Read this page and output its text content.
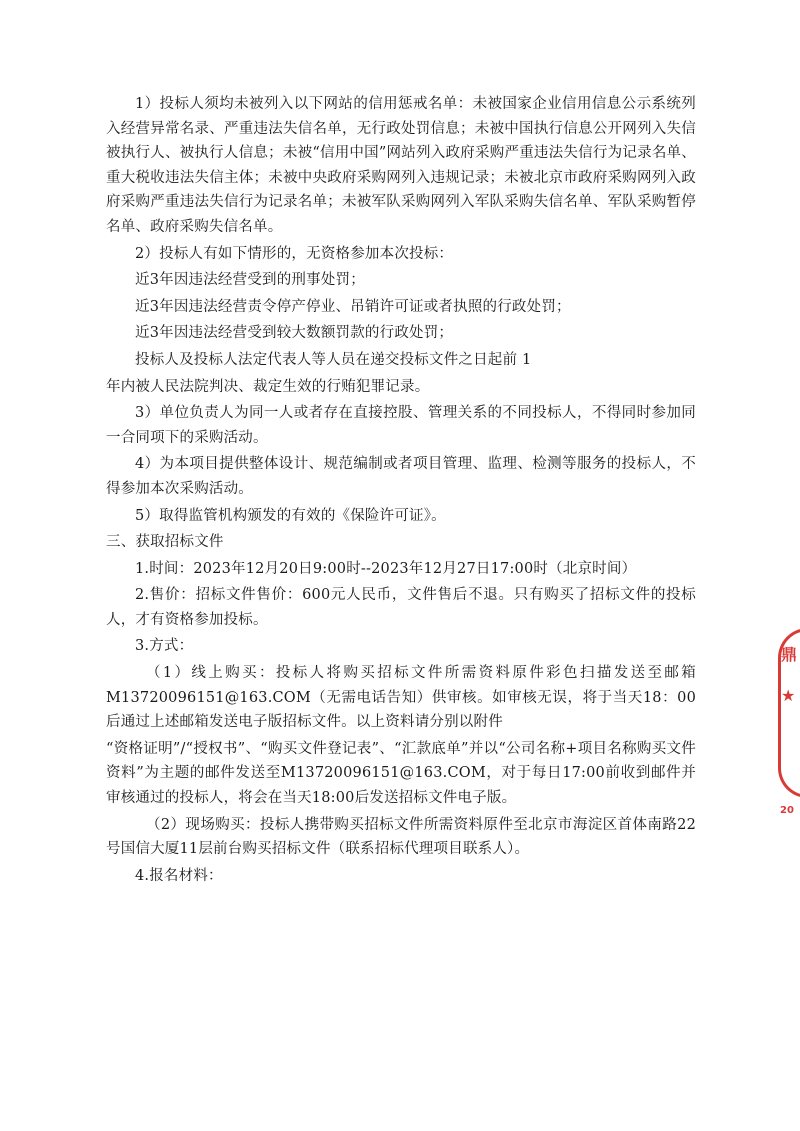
1）投标人须均未被列入以下网站的信用惩戒名单：未被国家企业信用信息公示系统列入经营异常名录、严重违法失信名单，无行政处罚信息；未被中国执行信息公开网列入失信被执行人、被执行人信息；未被“信用中国”网站列入政府采购严重违法失信行为记录名单、重大税收违法失信主体；未被中央政府采购网列入违规记录；未被北京市政府采购网列入政府采购严重违法失信行为记录名单；未被军队采购网列入军队采购失信名单、军队采购暂停名单、政府采购失信名单。

2）投标人有如下情形的，无资格参加本次投标：

近3年因违法经营受到的刑事处罚；

近3年因违法经营责令停产停业、吊销许可证或者执照的行政处罚；

近3年因违法经营受到较大数额罚款的行政处罚；

投标人及投标人法定代表人等人员在递交投标文件之日起前 1

年内被人民法院判决、裁定生效的行贿犯罪记录。

3）单位负责人为同一人或者存在直接控股、管理关系的不同投标人，不得同时参加同一合同项下的采购活动。

4）为本项目提供整体设计、规范编制或者项目管理、监理、检测等服务的投标人，不得参加本次采购活动。

5）取得监管机构颁发的有效的《保险许可证》。

三、获取招标文件

1.时间：2023年12月20日9:00时--2023年12月27日17:00时（北京时间）

2.售价：招标文件售价：600元人民币，文件售后不退。只有购买了招标文件的投标人，才有资格参加投标。

3.方式：

（1）线上购买：投标人将购买招标文件所需资料原件彩色扫描发送至邮箱M13720096151@163.COM（无需电话告知）供审核。如审核无误，将于当天18：00后通过上述邮箱发送电子版招标文件。以上资料请分别以附件

“资格证明”/“授权书”、“购买文件登记表”、“汇款底单”并以“公司名称+项目名称购买文件资料”为主题的邮件发送至M13720096151@163.COM，对于每日17:00前收到邮件并审核通过的投标人，将会在当天18:00后发送招标文件电子版。

（2）现场购买：投标人携带购买招标文件所需资料原件至北京市海淀区首体南路22号国信大厦11层前台购买招标文件（联系招标代理项目联系人）。

4.报名材料：

鼎
★
20
